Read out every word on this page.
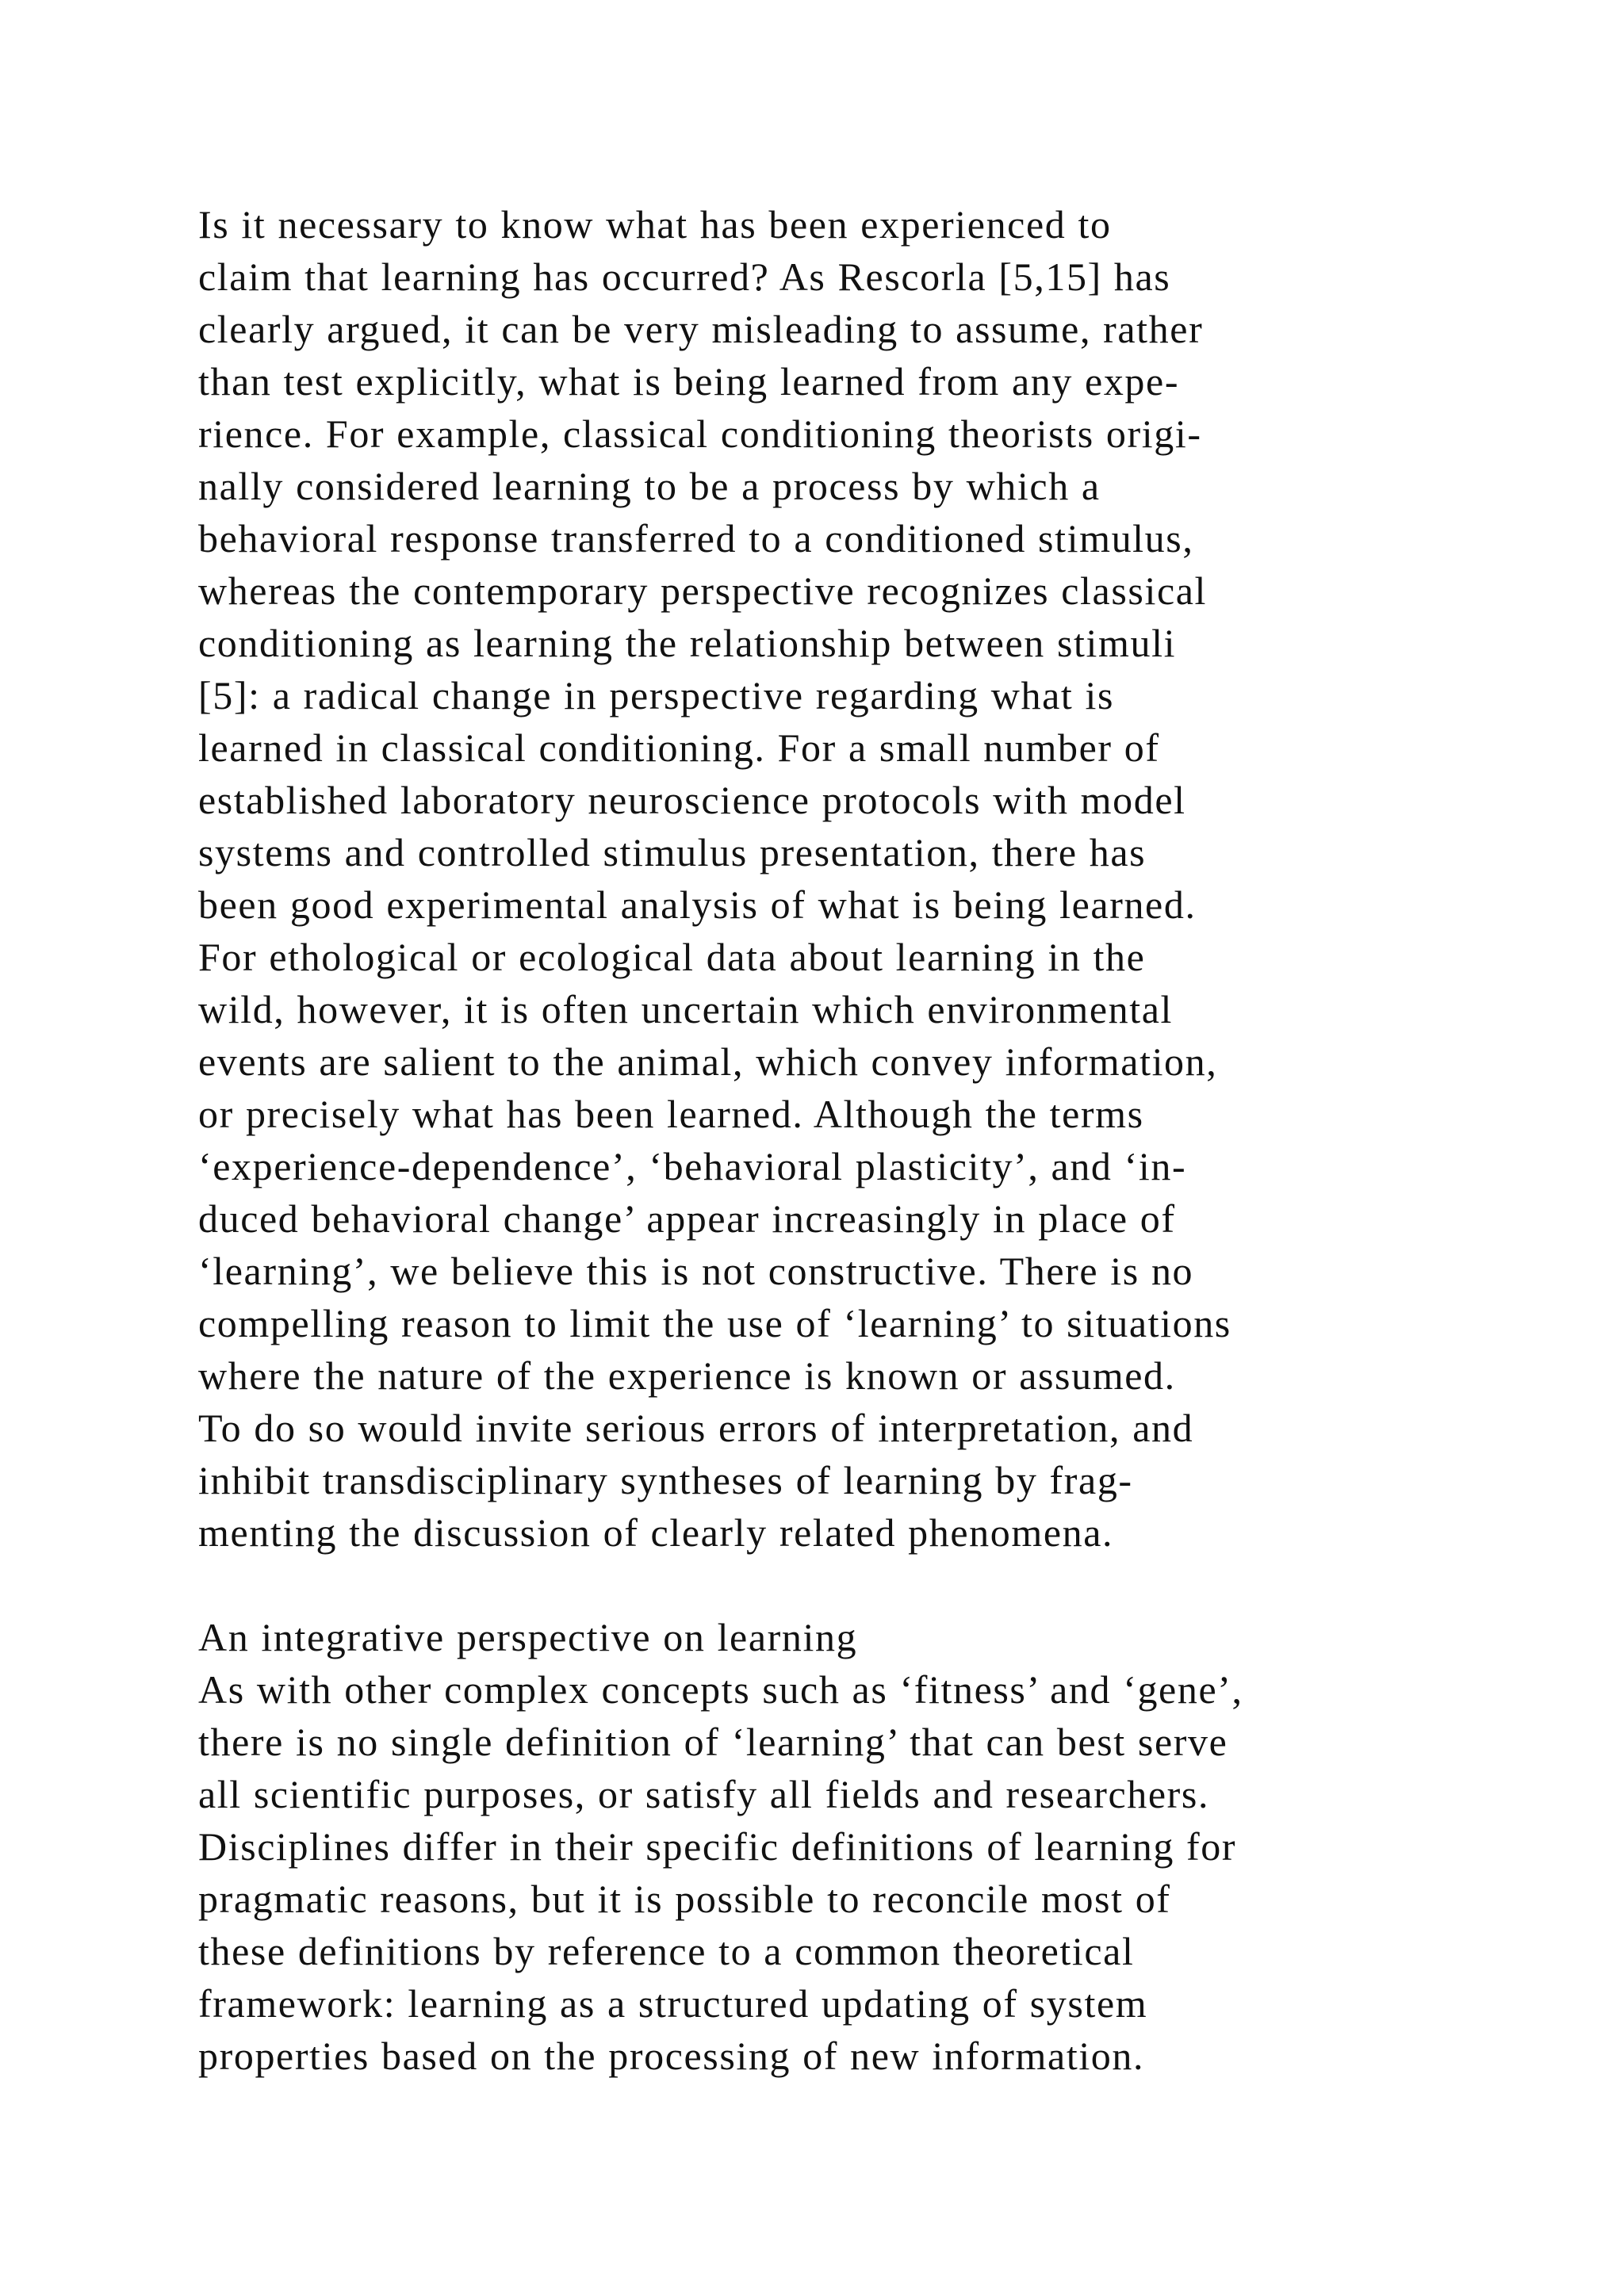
Is it necessary to know what has been experienced to
claim that learning has occurred? As Rescorla [5,15] has
clearly argued, it can be very misleading to assume, rather
than test explicitly, what is being learned from any expe-
rience. For example, classical conditioning theorists origi-
nally considered learning to be a process by which a
behavioral response transferred to a conditioned stimulus,
whereas the contemporary perspective recognizes classical
conditioning as learning the relationship between stimuli
[5]: a radical change in perspective regarding what is
learned in classical conditioning. For a small number of
established laboratory neuroscience protocols with model
systems and controlled stimulus presentation, there has
been good experimental analysis of what is being learned.
For ethological or ecological data about learning in the
wild, however, it is often uncertain which environmental
events are salient to the animal, which convey information,
or precisely what has been learned. Although the terms
‘experience-dependence’, ‘behavioral plasticity’, and ‘in-
duced behavioral change’ appear increasingly in place of
‘learning’, we believe this is not constructive. There is no
compelling reason to limit the use of ‘learning’ to situations
where the nature of the experience is known or assumed.
To do so would invite serious errors of interpretation, and
inhibit transdisciplinary syntheses of learning by frag-
menting the discussion of clearly related phenomena.
An integrative perspective on learning
As with other complex concepts such as ‘fitness’ and ‘gene’,
there is no single definition of ‘learning’ that can best serve
all scientific purposes, or satisfy all fields and researchers.
Disciplines differ in their specific definitions of learning for
pragmatic reasons, but it is possible to reconcile most of
these definitions by reference to a common theoretical
framework: learning as a structured updating of system
properties based on the processing of new information.
